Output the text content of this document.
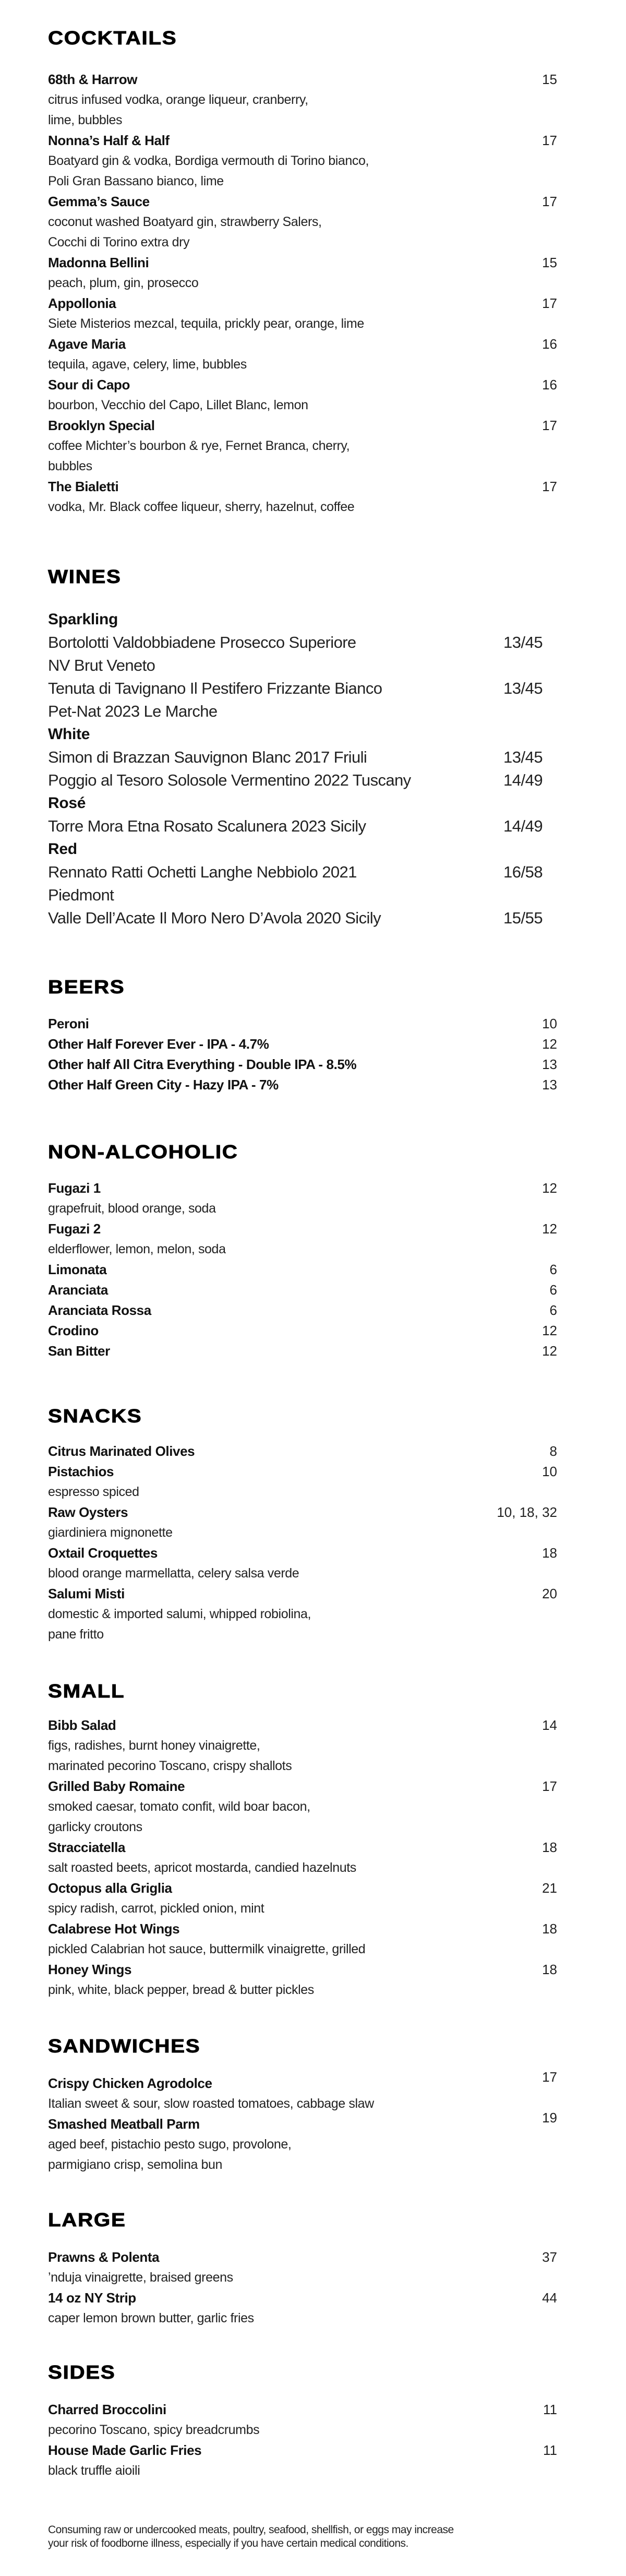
COCKTAILS
68th & Harrow	15
citrus infused vodka, orange liqueur, cranberry,
lime, bubbles
Nonna’s Half & Half	17
Boatyard gin & vodka, Bordiga vermouth di Torino bianco,
Poli Gran Bassano bianco, lime
Gemma’s Sauce	17
coconut washed Boatyard gin, strawberry Salers,
Cocchi di Torino extra dry
Madonna Bellini	15
peach, plum, gin, prosecco
Appollonia	17
Siete Misterios mezcal, tequila, prickly pear, orange, lime
Agave Maria	16
tequila, agave, celery, lime, bubbles
Sour di Capo	16
bourbon, Vecchio del Capo, Lillet Blanc, lemon
Brooklyn Special	17
coffee Michter’s bourbon & rye, Fernet Branca, cherry,
bubbles
The Bialetti	17
vodka, Mr. Black coffee liqueur, sherry, hazelnut, coffee
WINES
Sparkling
Bortolotti Valdobbiadene Prosecco Superiore
NV Brut Veneto
13/45
Tenuta di Tavignano Il Pestifero Frizzante Bianco
Pet-Nat 2023 Le Marche
13/45
White
Simon di Brazzan Sauvignon Blanc 2017 Friuli	13/45
Poggio al Tesoro Solosole Vermentino 2022 Tuscany	14/49
Rosé
Torre Mora Etna Rosato Scalunera 2023 Sicily	14/49
Red
Rennato Ratti Ochetti Langhe Nebbiolo 2021
Piedmont
16/58
Valle Dell’Acate Il Moro Nero D’Avola 2020 Sicily	15/55
BEERS
Peroni	10
Other Half Forever Ever - IPA - 4.7%	12
Other half All Citra Everything - Double IPA - 8.5%	13
Other Half Green City - Hazy IPA - 7%	13
NON-ALCOHOLIC
Fugazi 1	12
grapefruit, blood orange, soda
Fugazi 2	12
elderflower, lemon, melon, soda
Limonata	6
Aranciata	6
Aranciata Rossa	6
Crodino	12
San Bitter	12
SNACKS
Citrus Marinated Olives	8
Pistachios	10
espresso spiced
Raw Oysters	10, 18, 32
giardiniera mignonette
Oxtail Croquettes	18
blood orange marmellatta, celery salsa verde
Salumi Misti	20
domestic & imported salumi, whipped robiolina,
pane fritto
SMALL
Bibb Salad	14
figs, radishes, burnt honey vinaigrette,
marinated pecorino Toscano, crispy shallots
Grilled Baby Romaine	17
smoked caesar, tomato confit, wild boar bacon,
garlicky croutons
Stracciatella	18
salt roasted beets, apricot mostarda, candied hazelnuts
Octopus alla Griglia	21
spicy radish, carrot, pickled onion, mint
Calabrese Hot Wings	18
pickled Calabrian hot sauce, buttermilk vinaigrette, grilled
Honey Wings	18
pink, white, black pepper, bread & butter pickles
SANDWICHES
Crispy Chicken Agrodolce	17
Italian sweet & sour, slow roasted tomatoes, cabbage slaw
Smashed Meatball Parm	19
aged beef, pistachio pesto sugo, provolone,
parmigiano crisp, semolina bun
LARGE
Prawns & Polenta	37
’nduja vinaigrette, braised greens
14 oz NY Strip	44
caper lemon brown butter, garlic fries
SIDES
Charred Broccolini	11
pecorino Toscano, spicy breadcrumbs
House Made Garlic Fries	11
black truffle aioili
Consuming raw or undercooked meats, poultry, seafood, shellfish, or eggs may increase
your risk of foodborne illness, especially if you have certain medical conditions.
